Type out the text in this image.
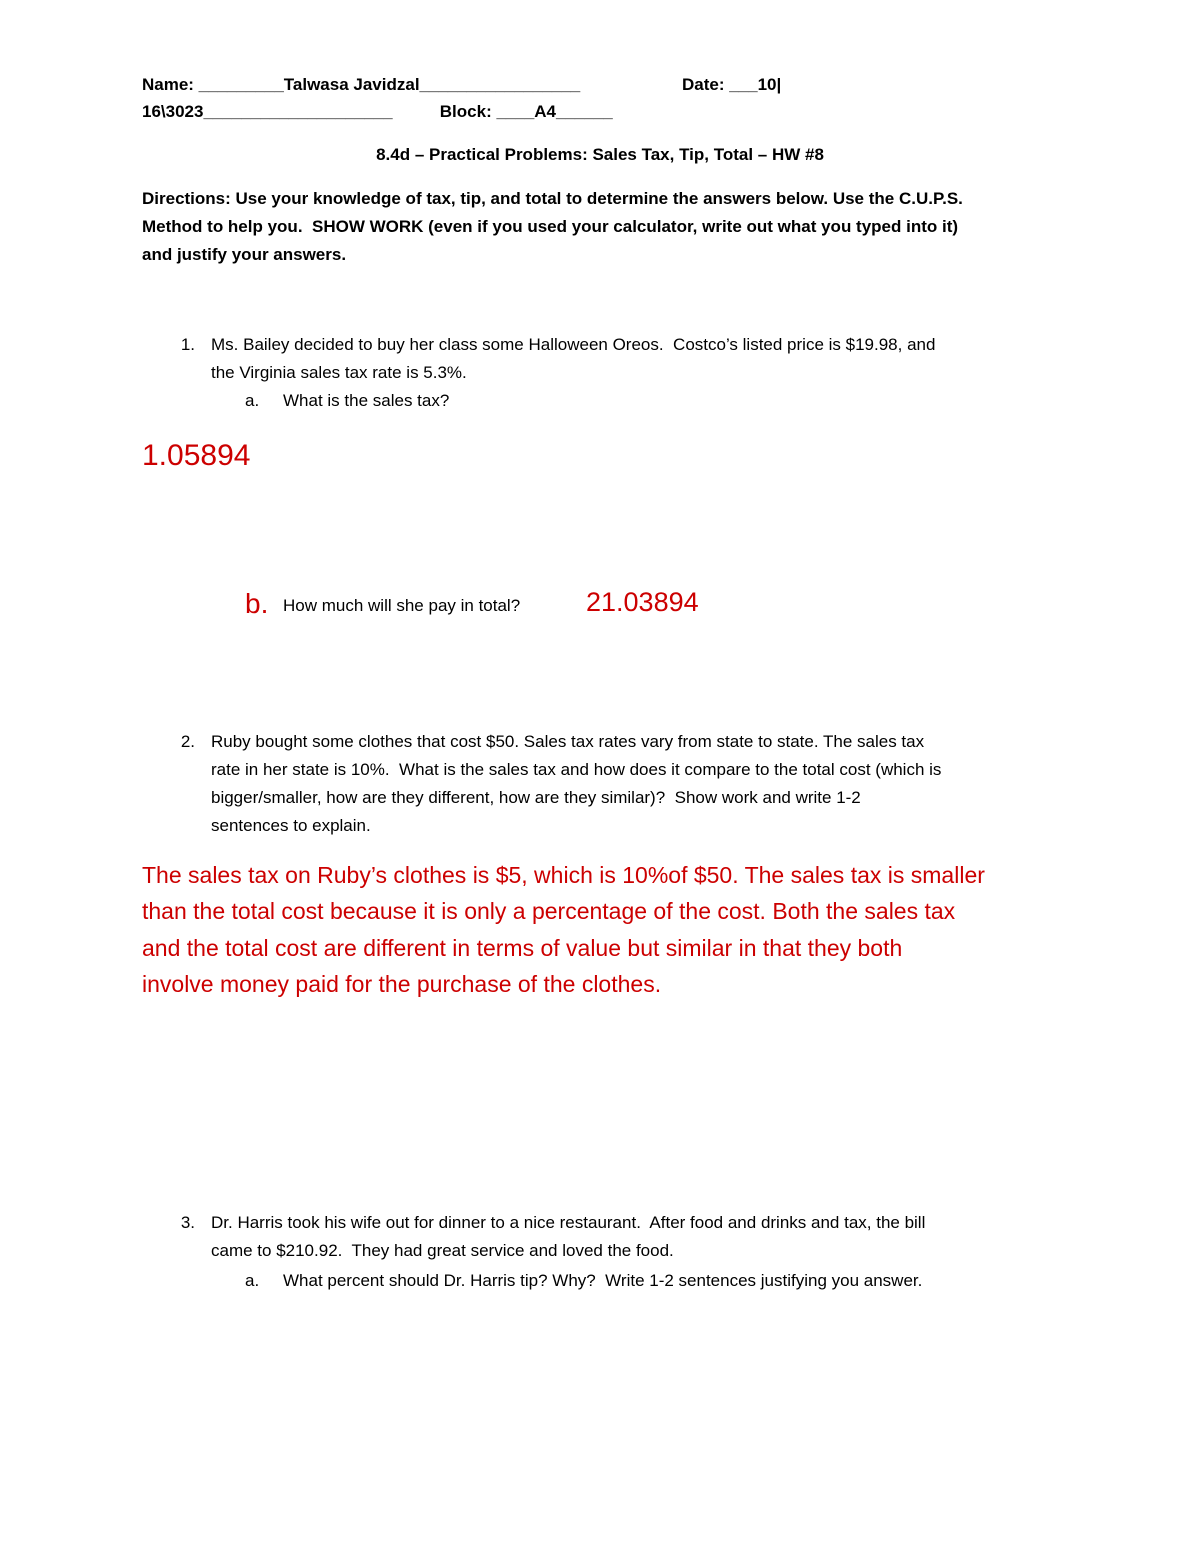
Name: _________Talwasa Javidzal_________________	Date: ___10|
16\3023____________________          Block: ____A4______
8.4d – Practical Problems: Sales Tax, Tip, Total – HW #8
Directions: Use your knowledge of tax, tip, and total to determine the answers below. Use the C.U.P.S.
Method to help you.  SHOW WORK (even if you used your calculator, write out what you typed into it)
and justify your answers.
1. Ms. Bailey decided to buy her class some Halloween Oreos.  Costco’s listed price is $19.98, and
the Virginia sales tax rate is 5.3%.
a. What is the sales tax?
1.05894
b. How much will she pay in total? 21.03894
2. Ruby bought some clothes that cost $50. Sales tax rates vary from state to state. The sales tax
rate in her state is 10%.  What is the sales tax and how does it compare to the total cost (which is
bigger/smaller, how are they different, how are they similar)?  Show work and write 1-2
sentences to explain.
The sales tax on Ruby’s clothes is $5, which is 10%of $50. The sales tax is smaller
than the total cost because it is only a percentage of the cost. Both the sales tax
and the total cost are different in terms of value but similar in that they both
involve money paid for the purchase of the clothes.
3. Dr. Harris took his wife out for dinner to a nice restaurant.  After food and drinks and tax, the bill
came to $210.92.  They had great service and loved the food.
a. What percent should Dr. Harris tip? Why?  Write 1-2 sentences justifying you answer.
